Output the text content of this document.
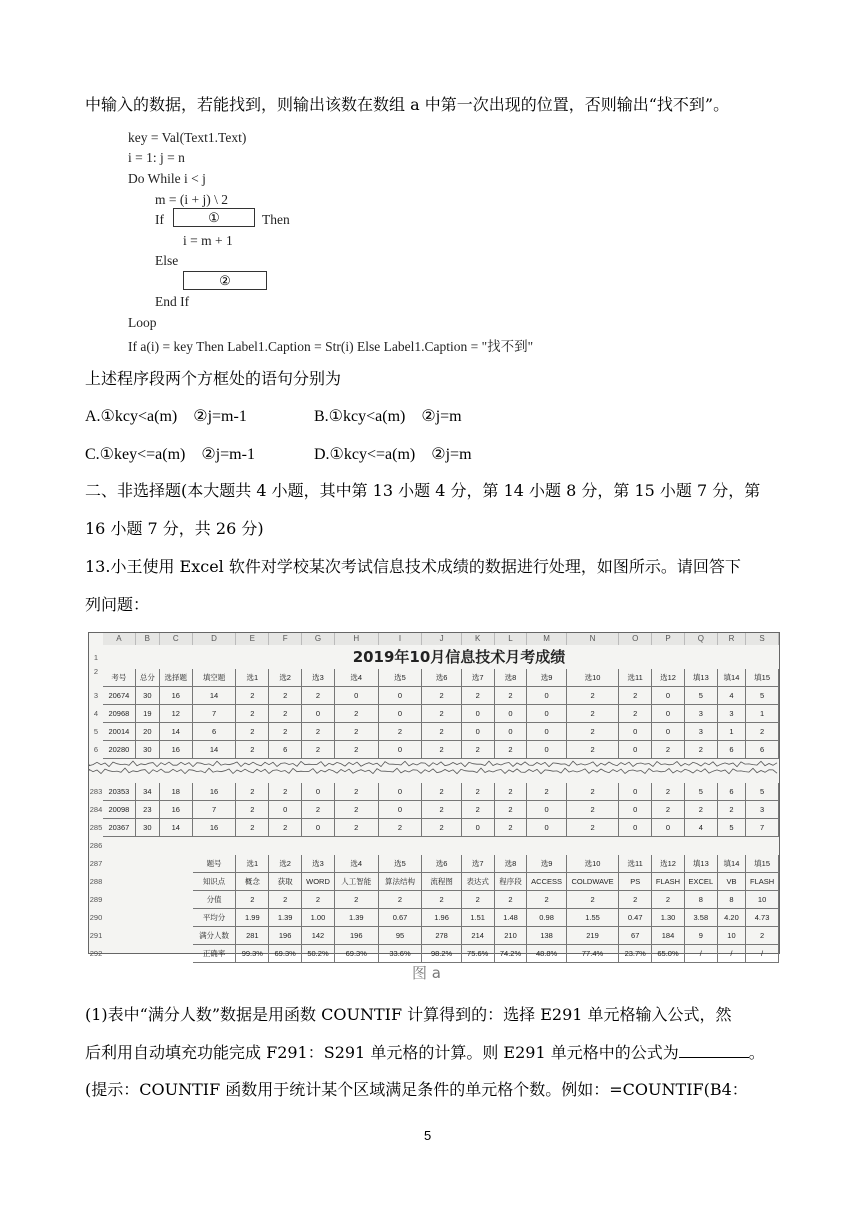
中输入的数据，若能找到，则输出该数在数组 a 中第一次出现的位置，否则输出“找不到”。
key = Val(Text1.Text)
i = 1: j = n
Do While i < j
m = (i + j) \ 2
If	①	Then
i = m + 1
Else
②
End If
Loop
If a(i) = key Then Label1.Caption = Str(i) Else Label1.Caption = "找不到"
上述程序段两个方框处的语句分别为
A.①kcy<a(m)　②j=m-1	B.①kcy<a(m)　②j=m
C.①key<=a(m)　②j=m-1	D.①kcy<=a(m)　②j=m
二、非选择题(本大题共 4 小题，其中第 13 小题 4 分，第 14 小题 8 分，第 15 小题 7 分，第
16 小题 7 分，共 26 分)
13.小王使用 Excel 软件对学校某次考试信息技术成绩的数据进行处理，如图所示。请回答下
列问题：
A	B	C	D	E	F	G	H	I	J	K	L	M	N	O	P	Q	R	S
2019年10月信息技术月考成绩
1
2
3
4
5
6
283
284
285
286
287
288
289
290
291
292
考号	总分	选择题	填空题	选1	选2	选3	选4	选5	选6	选7	选8	选9	选10	选11	选12	填13	填14	填15
20674	30	16	14	2	2	2	0	0	2	2	2	0	2	2	0	5	4	5
20968	19	12	7	2	2	0	2	0	2	0	0	0	2	2	0	3	3	1
20014	20	14	6	2	2	2	2	2	2	0	0	0	2	0	0	3	1	2
20280	30	16	14	2	6	2	2	0	2	2	2	0	2	0	2	2	6	6
20353	34	18	16	2	2	0	2	0	2	2	2	2	2	0	2	5	6	5
20098	23	16	7	2	0	2	2	0	2	2	2	0	2	0	2	2	2	3
20367	30	14	16	2	2	0	2	2	2	0	2	0	2	0	0	4	5	7
题号	选1	选2	选3	选4	选5	选6	选7	选8	选9	选10	选11	选12	填13	填14	填15
知识点	概念	获取	WORD	人工智能	算法结构	流程图	表达式	程序段	ACCESS	COLDWAVE	PS	FLASH	EXCEL	VB	FLASH
分值	2	2	2	2	2	2	2	2	2	2	2	2	8	8	10
平均分	1.99	1.39	1.00	1.39	0.67	1.96	1.51	1.48	0.98	1.55	0.47	1.30	3.58	4.20	4.73
满分人数	281	196	142	196	95	278	214	210	138	219	67	184	9	10	2
正确率	99.3%	69.3%	50.2%	69.3%	33.6%	98.2%	75.6%	74.2%	48.8%	77.4%	23.7%	65.0%	/	/	/
图 a
(1)表中“满分人数”数据是用函数 COUNTIF 计算得到的：选择 E291 单元格输入公式，然
后利用自动填充功能完成 F291：S291 单元格的计算。则 E291 单元格中的公式为	。
(提示：COUNTIF 函数用于统计某个区域满足条件的单元格个数。例如：=COUNTIF(B4：
5
